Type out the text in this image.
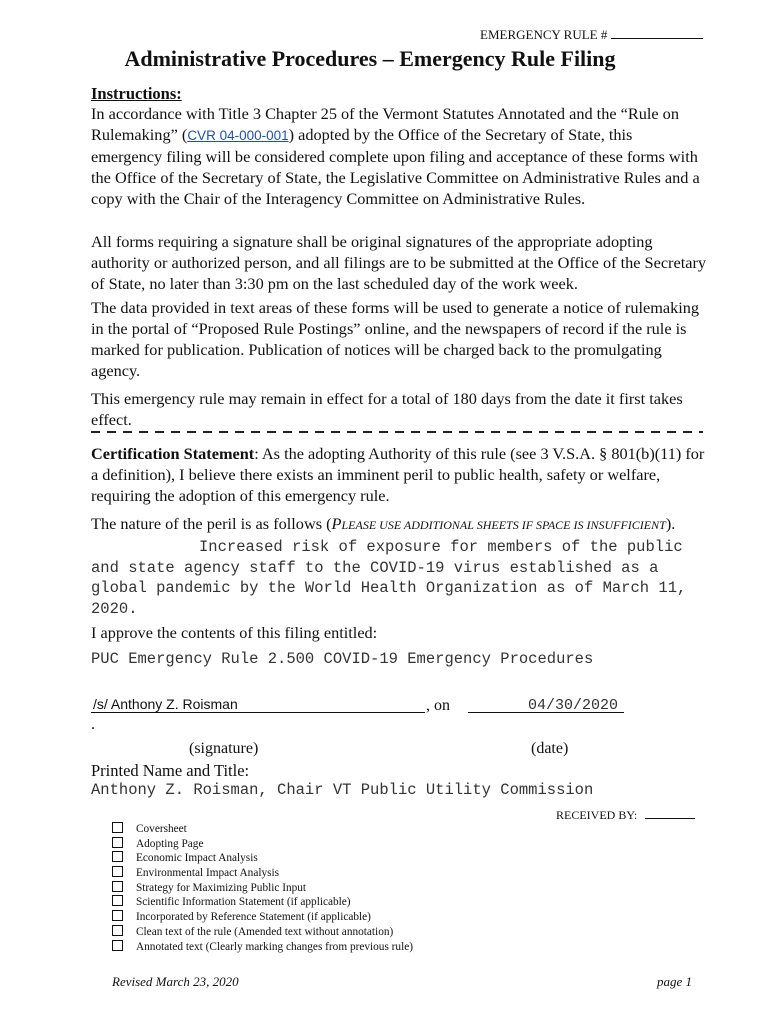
EMERGENCY RULE #
Administrative Procedures – Emergency Rule Filing
Instructions:
In accordance with Title 3 Chapter 25 of the Vermont Statutes Annotated and the “Rule on Rulemaking” (CVR 04-000-001) adopted by the Office of the Secretary of State, this emergency filing will be considered complete upon filing and acceptance of these forms with the Office of the Secretary of State, the Legislative Committee on Administrative Rules and a copy with the Chair of the Interagency Committee on Administrative Rules.
All forms requiring a signature shall be original signatures of the appropriate adopting authority or authorized person, and all filings are to be submitted at the Office of the Secretary of State, no later than 3:30 pm on the last scheduled day of the work week.
The data provided in text areas of these forms will be used to generate a notice of rulemaking in the portal of “Proposed Rule Postings” online, and the newspapers of record if the rule is marked for publication. Publication of notices will be charged back to the promulgating agency.
This emergency rule may remain in effect for a total of 180 days from the date it first takes effect.
Certification Statement: As the adopting Authority of this rule (see 3 V.S.A. § 801(b)(11) for a definition), I believe there exists an imminent peril to public health, safety or welfare, requiring the adoption of this emergency rule.
The nature of the peril is as follows (PLEASE USE ADDITIONAL SHEETS IF SPACE IS INSUFFICIENT).
Increased risk of exposure for members of the public and state agency staff to the COVID-19 virus established as a global pandemic by the World Health Organization as of March 11, 2020.
I approve the contents of this filing entitled:
PUC Emergency Rule 2.500 COVID-19 Emergency Procedures
/s/ Anthony Z. Roisman	, on	04/30/2020
.
(signature)	(date)
Printed Name and Title:
Anthony Z. Roisman, Chair VT Public Utility Commission
RECEIVED BY:
Coversheet
Adopting Page
Economic Impact Analysis
Environmental Impact Analysis
Strategy for Maximizing Public Input
Scientific Information Statement (if applicable)
Incorporated by Reference Statement (if applicable)
Clean text of the rule (Amended text without annotation)
Annotated text (Clearly marking changes from previous rule)
Revised March 23, 2020	page 1
